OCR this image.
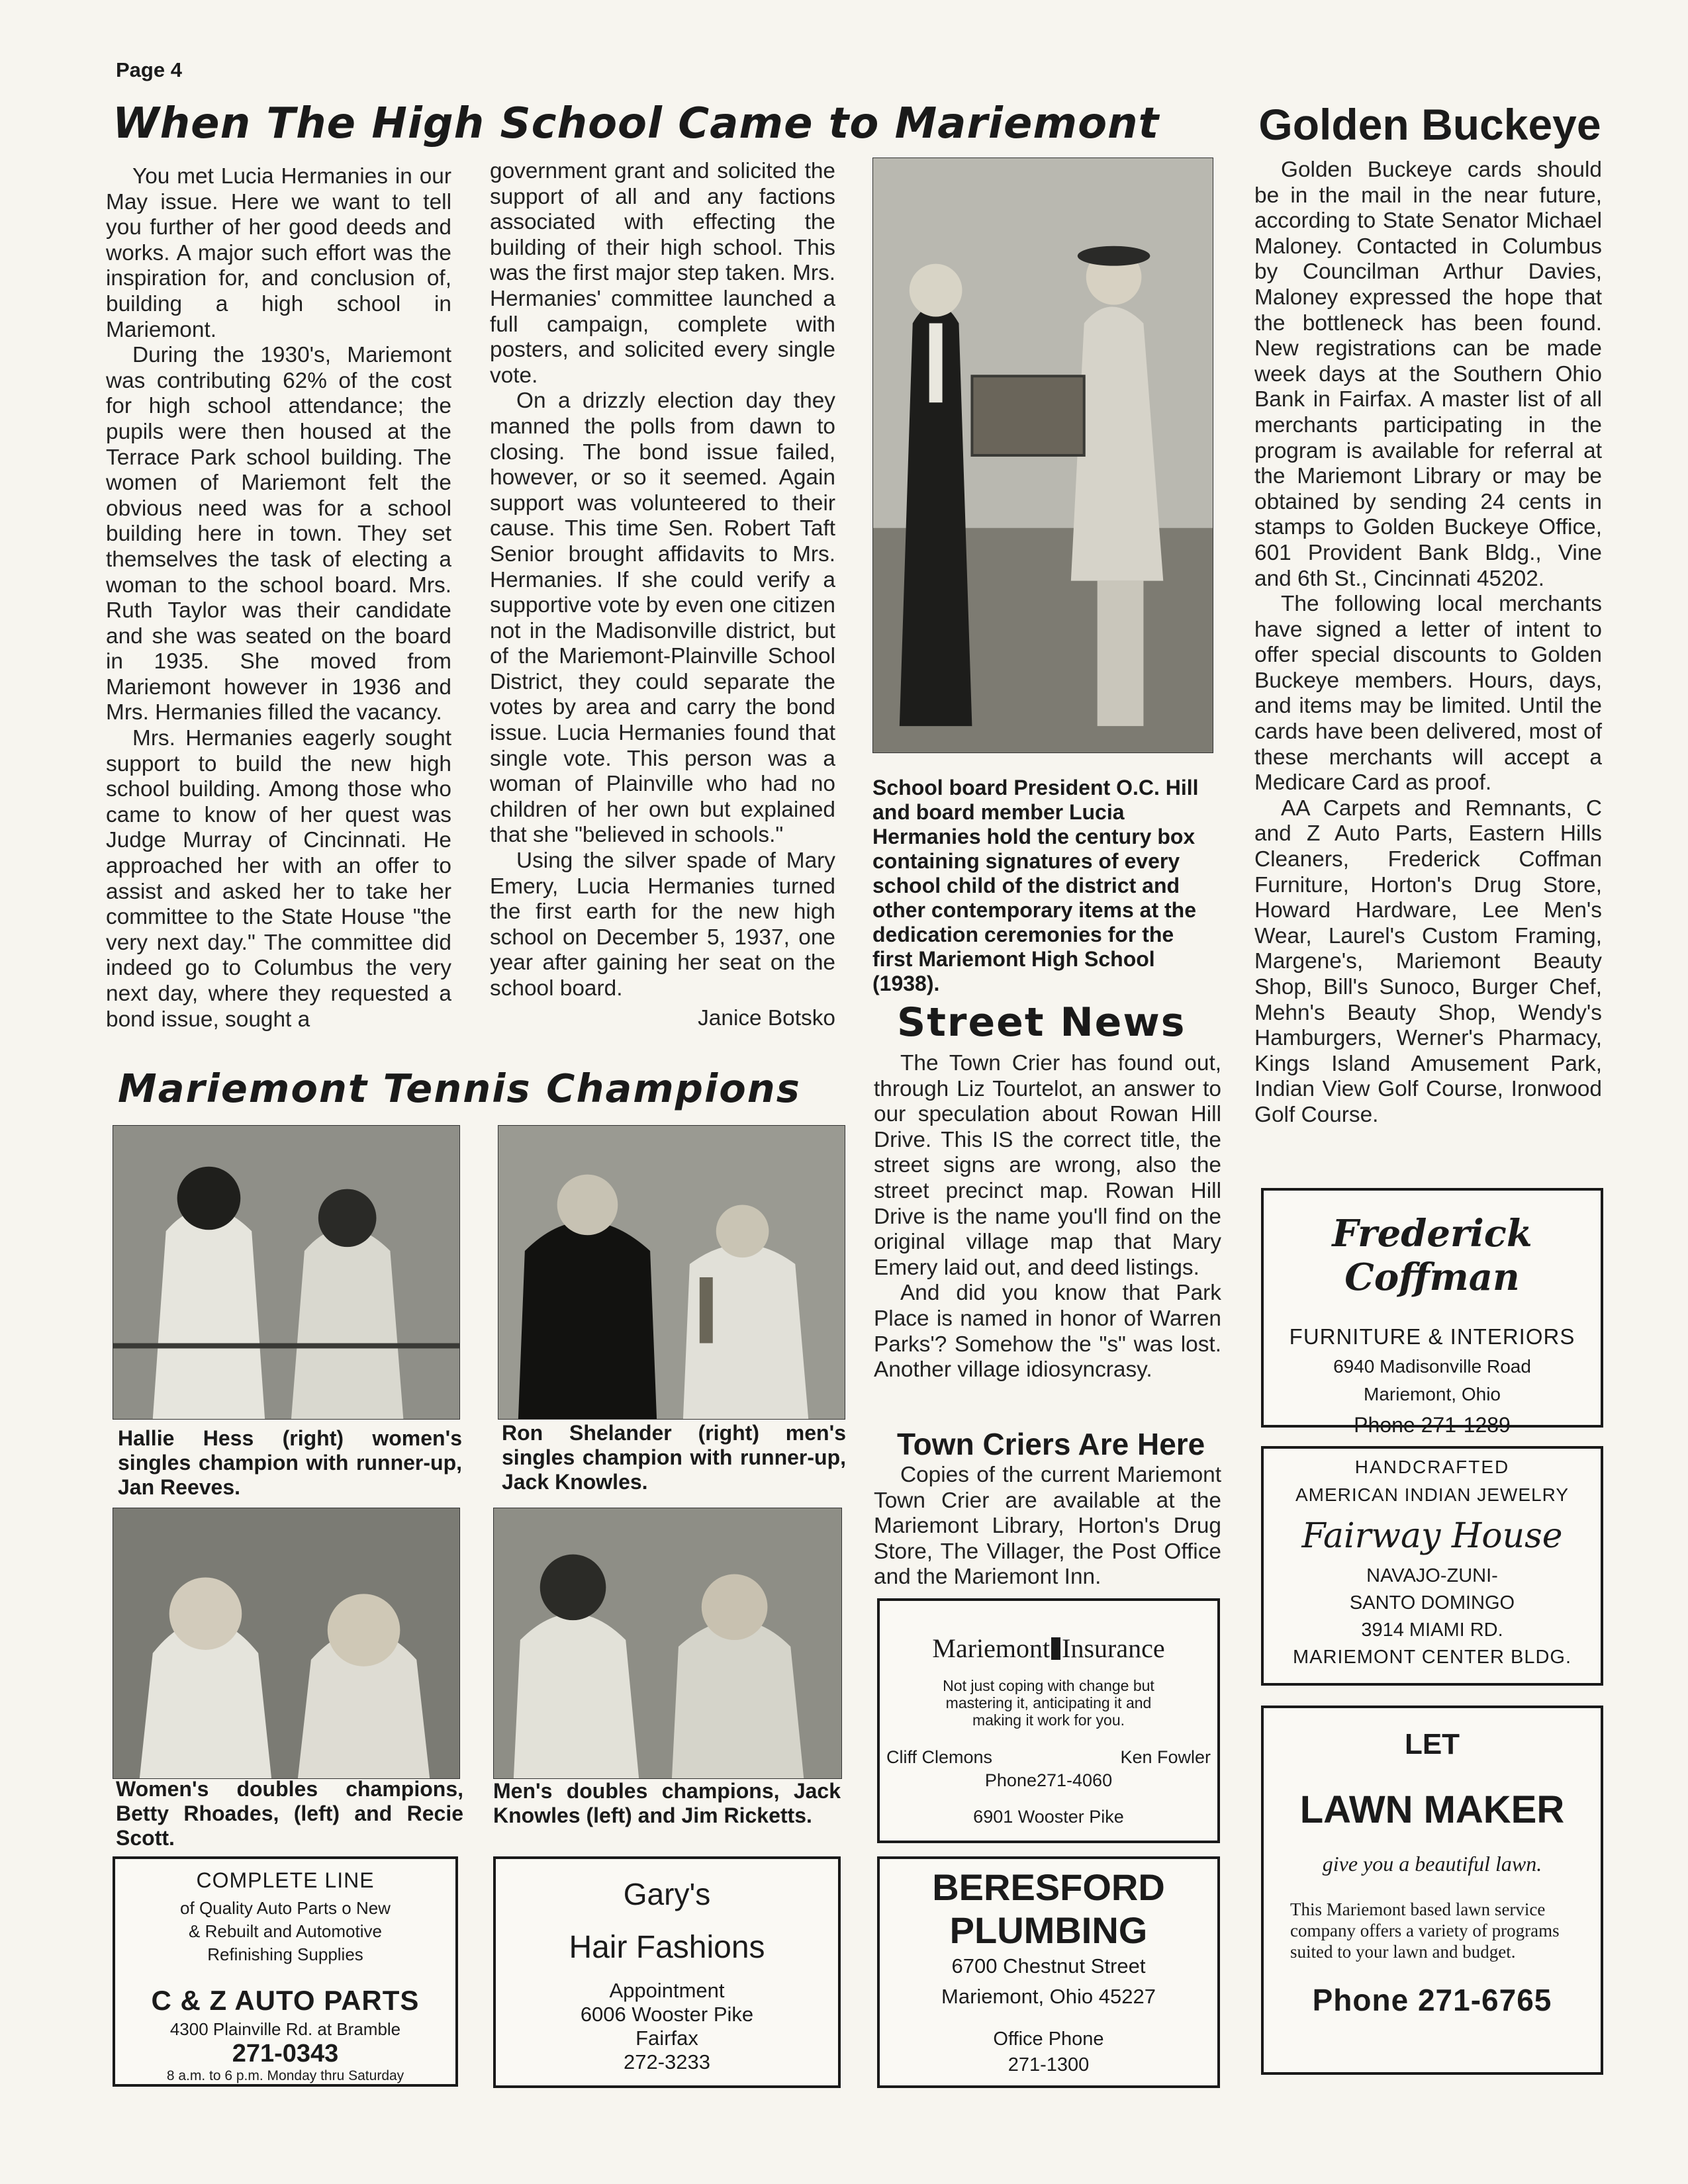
Page 4
When The High School Came to Mariemont

You met Lucia Hermanies in our May issue. Here we want to tell you further of her good deeds and works. A major such effort was the inspiration for, and conclusion of, building a high school in Mariemont.

During the 1930's, Mariemont was contributing 62% of the cost for high school attendance; the pupils were then housed at the Terrace Park school building. The women of Mariemont felt the obvious need was for a school building here in town. They set themselves the task of electing a woman to the school board. Mrs. Ruth Taylor was their candidate and she was seated on the board in 1935. She moved from Mariemont however in 1936 and Mrs. Hermanies filled the vacancy.

Mrs. Hermanies eagerly sought support to build the new high school building. Among those who came to know of her quest was Judge Murray of Cincinnati. He approached her with an offer to assist and asked her to take her committee to the State House "the very next day." The committee did indeed go to Columbus the very next day, where they requested a bond issue, sought a

government grant and solicited the support of all and any factions associated with effecting the building of their high school. This was the first major step taken. Mrs. Hermanies' committee launched a full campaign, complete with posters, and solicited every single vote.

On a drizzly election day they manned the polls from dawn to closing. The bond issue failed, however, or so it seemed. Again support was volunteered to their cause. This time Sen. Robert Taft Senior brought affidavits to Mrs. Hermanies. If she could verify a supportive vote by even one citizen not in the Madisonville district, but of the Mariemont-Plainville School District, they could separate the votes by area and carry the bond issue. Lucia Hermanies found that single vote. This person was a woman of Plainville who had no children of her own but explained that she "believed in schools."

Using the silver spade of Mary Emery, Lucia Hermanies turned the first earth for the new high school on December 5, 1937, one year after gaining her seat on the school board.

Janice Botsko
School board President O.C. Hill and board member Lucia Hermanies hold the century box containing signatures of every school child of the district and other contemporary items at the dedication ceremonies for the first Mariemont High School (1938).
Golden Buckeye

Golden Buckeye cards should be in the mail in the near future, according to State Senator Michael Maloney. Contacted in Columbus by Councilman Arthur Davies, Maloney expressed the hope that the bottleneck has been found. New registrations can be made week days at the Southern Ohio Bank in Fairfax. A master list of all merchants participating in the program is available for referral at the Mariemont Library or may be obtained by sending 24 cents in stamps to Golden Buckeye Office, 601 Provident Bank Bldg., Vine and 6th St., Cincinnati 45202.

The following local merchants have signed a letter of intent to offer special discounts to Golden Buckeye members. Hours, days, and items may be limited. Until the cards have been delivered, most of these merchants will accept a Medicare Card as proof.

AA Carpets and Remnants, C and Z Auto Parts, Eastern Hills Cleaners, Frederick Coffman Furniture, Horton's Drug Store, Howard Hardware, Lee Men's Wear, Laurel's Custom Framing, Margene's, Mariemont Beauty Shop, Bill's Sunoco, Burger Chef, Mehn's Beauty Shop, Wendy's Hamburgers, Werner's Pharmacy, Kings Island Amusement Park, Indian View Golf Course, Ironwood Golf Course.

Mariemont Tennis Champions
Hallie Hess (right) women's singles champion with runner-up, Jan Reeves.
Ron Shelander (right) men's singles champion with runner-up, Jack Knowles.
Women's doubles champions, Betty Rhoades, (left) and Recie Scott.
Men's doubles champions, Jack Knowles (left) and Jim Ricketts.
Street News

The Town Crier has found out, through Liz Tourtelot, an answer to our speculation about Rowan Hill Drive. This IS the correct title, the street signs are wrong, also the street precinct map. Rowan Hill Drive is the name you'll find on the original village map that Mary Emery laid out, and deed listings.

And did you know that Park Place is named in honor of Warren Parks'? Somehow the "s" was lost. Another village idiosyncrasy.

Town Criers Are Here

Copies of the current Mariemont Town Crier are available at the Mariemont Library, Horton's Drug Store, The Villager, the Post Office and the Mariemont Inn.

Frederick Coffman
FURNITURE & INTERIORS
6940 Madisonville Road
Mariemont, Ohio
Phone 271-1289
HANDCRAFTED
AMERICAN INDIAN JEWELRY
Fairway House
NAVAJO-ZUNI-
SANTO DOMINGO
3914 MIAMI RD.
MARIEMONT CENTER BLDG.
LET
LAWN MAKER
give you a beautiful lawn.
This Mariemont based lawn service company offers a variety of programs suited to your lawn and budget.
Phone 271-6765
Mariemont Insurance
Not just coping with change but mastering it, anticipating it and making it work for you.
Cliff Clemons	Ken Fowler
Phone271-4060
6901 Wooster Pike
COMPLETE LINE
of Quality Auto Parts o New
& Rebuilt and Automotive
Refinishing Supplies
C & Z AUTO PARTS
4300 Plainville Rd. at Bramble
271-0343
8 a.m. to 6 p.m. Monday thru Saturday
Gary's
Hair Fashions
Appointment
6006 Wooster Pike
Fairfax
272-3233
BERESFORD
PLUMBING
6700 Chestnut Street
Mariemont, Ohio 45227
Office Phone
271-1300
